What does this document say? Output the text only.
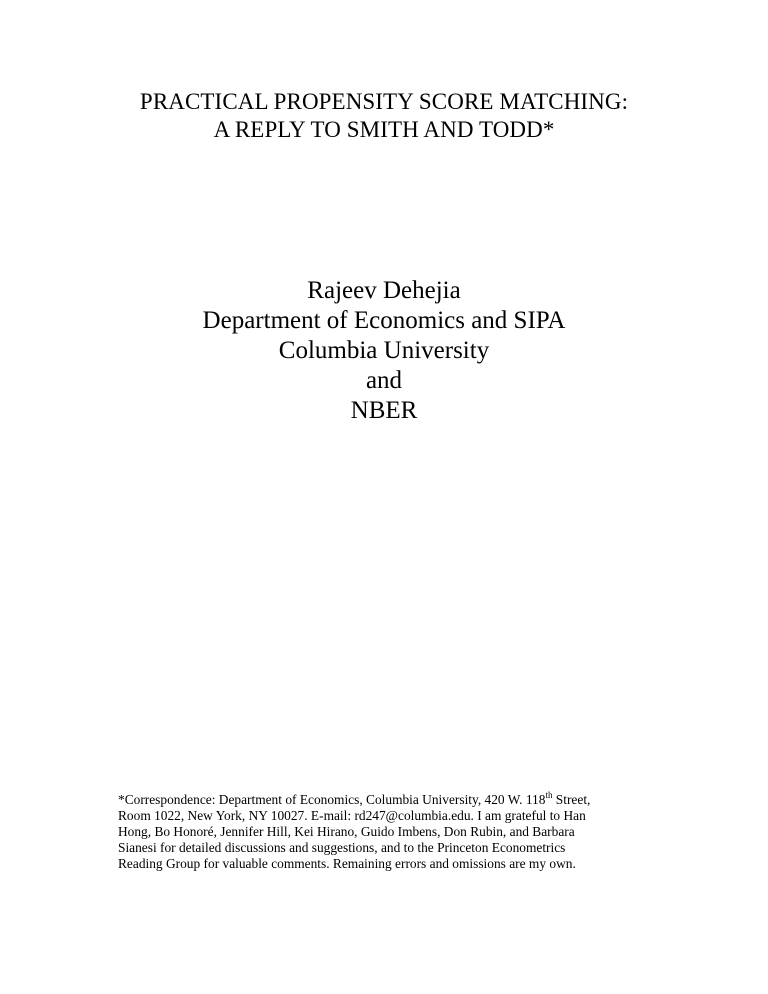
PRACTICAL PROPENSITY SCORE MATCHING:
A REPLY TO SMITH AND TODD*
Rajeev Dehejia
Department of Economics and SIPA
Columbia University
and
NBER
*Correspondence: Department of Economics, Columbia University, 420 W. 118th Street,
Room 1022, New York, NY 10027. E-mail: rd247@columbia.edu. I am grateful to Han
Hong, Bo Honoré, Jennifer Hill, Kei Hirano, Guido Imbens, Don Rubin, and Barbara
Sianesi for detailed discussions and suggestions, and to the Princeton Econometrics
Reading Group for valuable comments. Remaining errors and omissions are my own.
